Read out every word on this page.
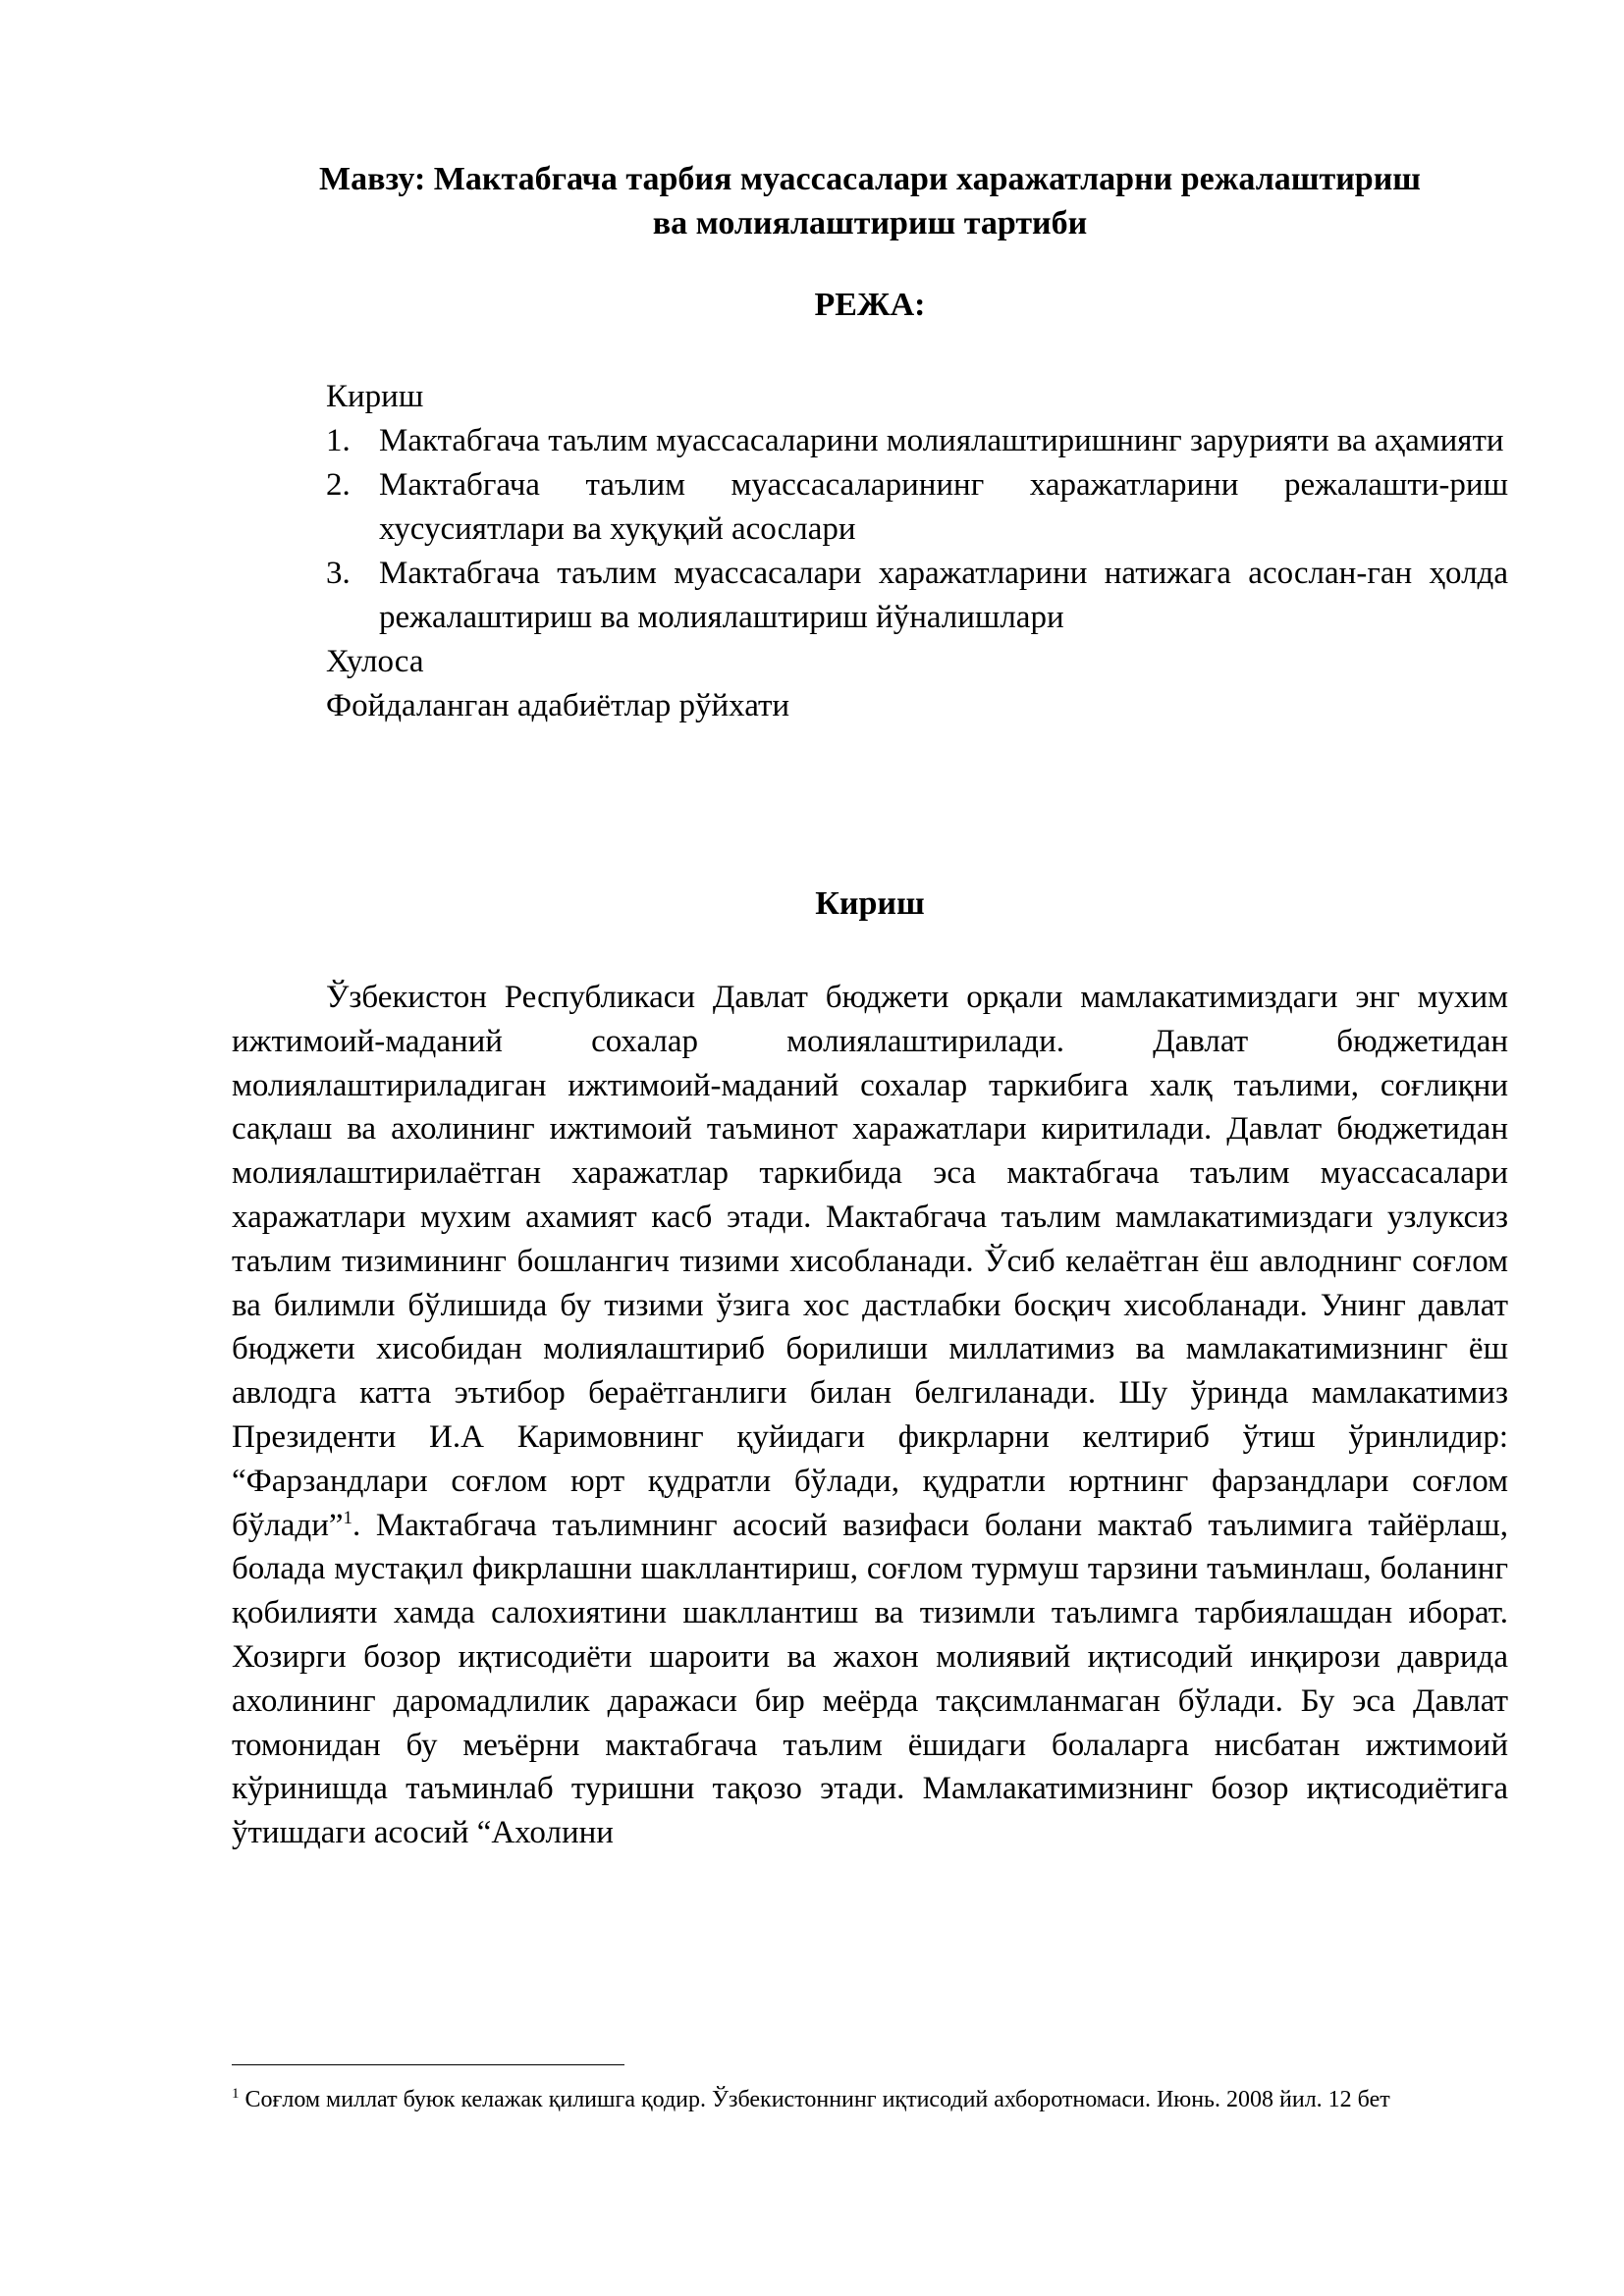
Мавзу: Мактабгача тарбия муассасалари харажатларни режалаштириш
ва молиялаштириш тартиби
РЕЖА:

Кириш

1. Мактабгача таълим муассасаларини молиялаштиришнинг зарурияти ва аҳамияти
2. Мактабгача таълим муассасаларининг харажатларини режалашти-риш хусусиятлари ва хуқуқий асослари
3. Мактабгача таълим муассасалари харажатларини натижага асослан-ган ҳолда режалаштириш ва молиялаштириш йўналишлари

Хулоса

Фойдаланган адабиётлар рўйхати

Кириш

Ўзбекистон Республикаси Давлат бюджети орқали мамлакатимиздаги энг мухим ижтимоий-маданий сохалар молиялаштирилади. Давлат бюджетидан молиялаштириладиган ижтимоий-маданий сохалар таркибига халқ таълими, соғлиқни сақлаш ва ахолининг ижтимоий таъминот харажатлари киритилади. Давлат бюджетидан молиялаштирилаётган харажатлар таркибида эса мактабгача таълим муассасалари харажатлари мухим ахамият касб этади. Мактабгача таълим мамлакатимиздаги узлуксиз таълим тизимининг бошлангич тизими хисобланади. Ўсиб келаётган ёш авлоднинг соғлом ва билимли бўлишида бу тизими ўзига хос дастлабки босқич хисобланади. Унинг давлат бюджети хисобидан молиялаштириб борилиши миллатимиз ва мамлакатимизнинг ёш авлодга катта эътибор бераётганлиги билан белгиланади. Шу ўринда мамлакатимиз Президенти И.А Каримовнинг қуйидаги фикрларни келтириб ўтиш ўринлидир: “Фарзандлари соғлом юрт қудратли бўлади, қудратли юртнинг фарзандлари соғлом бўлади”$^1$. Мактабгача таълимнинг асосий вазифаси болани мактаб таълимига тайёрлаш, болада мустақил фикрлашни шакллантириш, соғлом турмуш тарзини таъминлаш, боланинг қобилияти хамда салохиятини шакллантиш ва тизимли таълимга тарбиялашдан иборат. Хозирги бозор иқтисодиёти шароити ва жахон молиявий иқтисодий инқирози даврида ахолининг даромадлилик даражаси бир меёрда тақсимланмаган бўлади. Бу эса Давлат томонидан бу меъёрни мактабгача таълим ёшидаги болаларга нисбатан ижтимоий кўринишда таъминлаб туришни тақозо этади. Мамлакатимизнинг бозор иқтисодиётига ўтишдаги асосий “Ахолини

$^1$ Соғлом миллат буюк келажак қилишга қодир. Ўзбекистоннинг иқтисодий ахборотномаси. Июнь. 2008 йил. 12 бет
